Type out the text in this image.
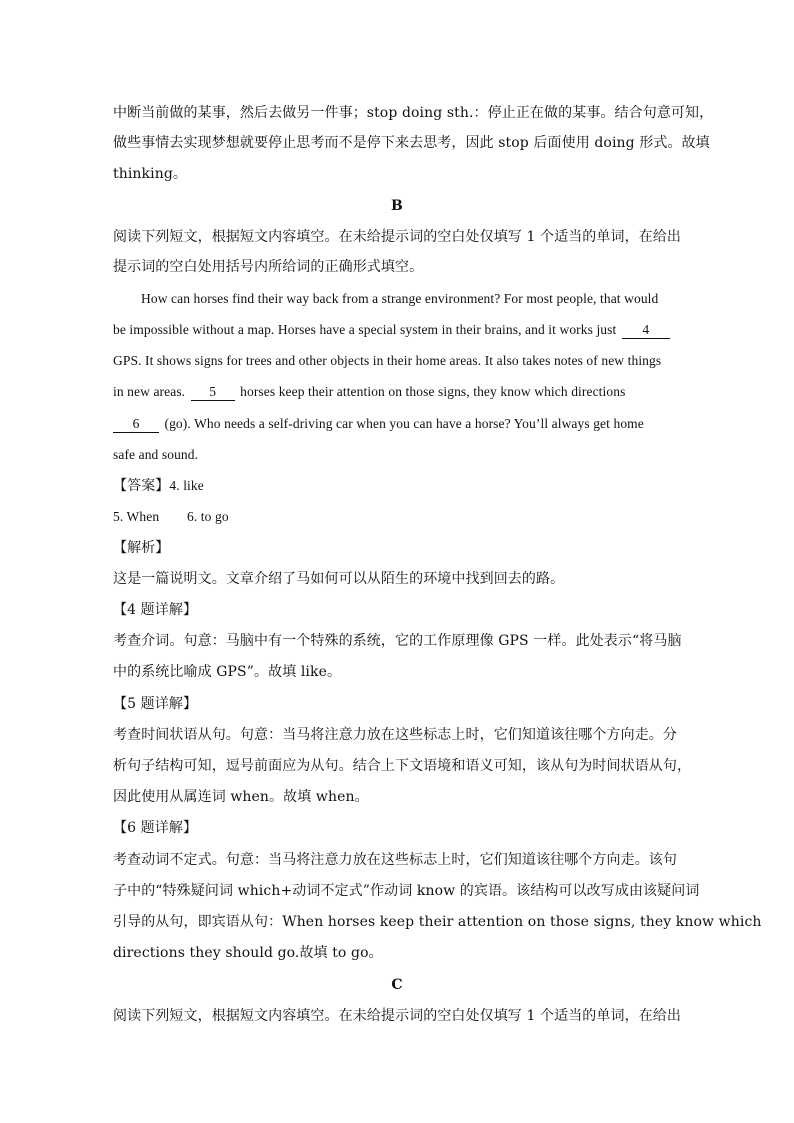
中断当前做的某事，然后去做另一件事；stop doing sth.：停止正在做的某事。结合句意可知，
做些事情去实现梦想就要停止思考而不是停下来去思考，因此 stop 后面使用 doing 形式。故填
thinking。
B
阅读下列短文，根据短文内容填空。在未给提示词的空白处仅填写 1 个适当的单词，在给出
提示词的空白处用括号内所给词的正确形式填空。
How can horses find their way back from a strange environment? For most people, that would
be impossible without a map. Horses have a special system in their brains, and it works just 4
GPS. It shows signs for trees and other objects in their home areas. It also takes notes of new things
in new areas. 5 horses keep their attention on those signs, they know which directions
6 (go). Who needs a self-driving car when you can have a horse? You’ll always get home
safe and sound.
【答案】4. like
5. When        6. to go
【解析】
这是一篇说明文。文章介绍了马如何可以从陌生的环境中找到回去的路。
【4 题详解】
考查介词。句意：马脑中有一个特殊的系统，它的工作原理像 GPS 一样。此处表示“将马脑
中的系统比喻成 GPS”。故填 like。
【5 题详解】
考查时间状语从句。句意：当马将注意力放在这些标志上时，它们知道该往哪个方向走。分
析句子结构可知，逗号前面应为从句。结合上下文语境和语义可知，该从句为时间状语从句，
因此使用从属连词 when。故填 when。
【6 题详解】
考查动词不定式。句意：当马将注意力放在这些标志上时，它们知道该往哪个方向走。该句
子中的“特殊疑问词 which+动词不定式”作动词 know 的宾语。该结构可以改写成由该疑问词
引导的从句，即宾语从句：When horses keep their attention on those signs, they know which
directions they should go.故填 to go。
C
阅读下列短文，根据短文内容填空。在未给提示词的空白处仅填写 1 个适当的单词，在给出
